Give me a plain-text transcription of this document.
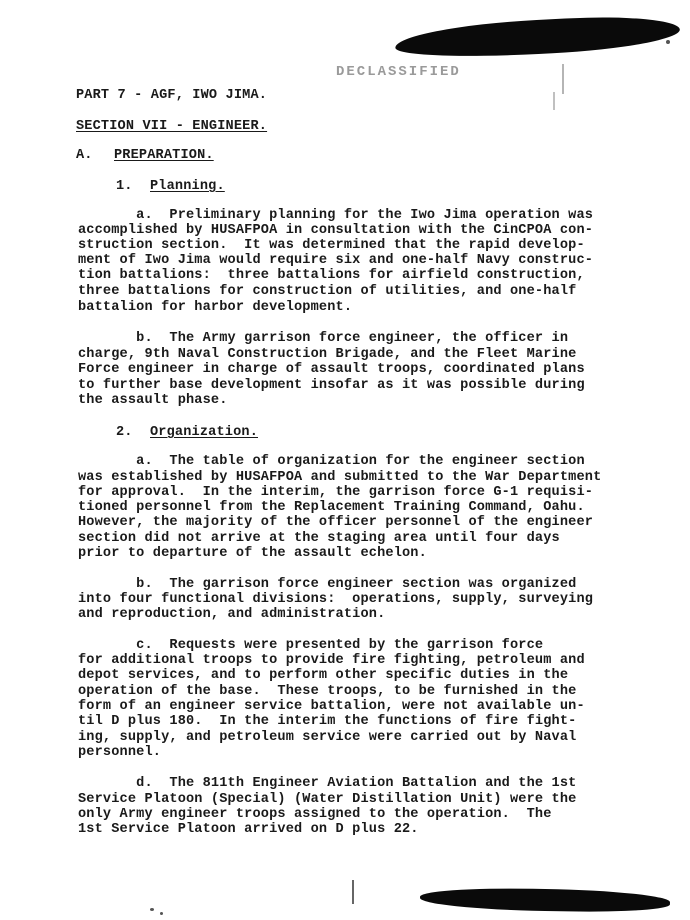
DECLASSIFIED
PART 7 - AGF, IWO JIMA.
SECTION VII - ENGINEER.
A. PREPARATION.
1. Planning.
a.  Preliminary planning for the Iwo Jima operation was
accomplished by HUSAFPOA in consultation with the CinCPOA con-
struction section.  It was determined that the rapid develop-
ment of Iwo Jima would require six and one-half Navy construc-
tion battalions:  three battalions for airfield construction,
three battalions for construction of utilities, and one-half
battalion for harbor development.
b.  The Army garrison force engineer, the officer in
charge, 9th Naval Construction Brigade, and the Fleet Marine
Force engineer in charge of assault troops, coordinated plans
to further base development insofar as it was possible during
the assault phase.
2. Organization.
a.  The table of organization for the engineer section
was established by HUSAFPOA and submitted to the War Department
for approval.  In the interim, the garrison force G-1 requisi-
tioned personnel from the Replacement Training Command, Oahu.
However, the majority of the officer personnel of the engineer
section did not arrive at the staging area until four days
prior to departure of the assault echelon.
b.  The garrison force engineer section was organized
into four functional divisions:  operations, supply, surveying
and reproduction, and administration.
c.  Requests were presented by the garrison force
for additional troops to provide fire fighting, petroleum and
depot services, and to perform other specific duties in the
operation of the base.  These troops, to be furnished in the
form of an engineer service battalion, were not available un-
til D plus 180.  In the interim the functions of fire fight-
ing, supply, and petroleum service were carried out by Naval
personnel.
d.  The 811th Engineer Aviation Battalion and the 1st
Service Platoon (Special) (Water Distillation Unit) were the
only Army engineer troops assigned to the operation.  The
1st Service Platoon arrived on D plus 22.
